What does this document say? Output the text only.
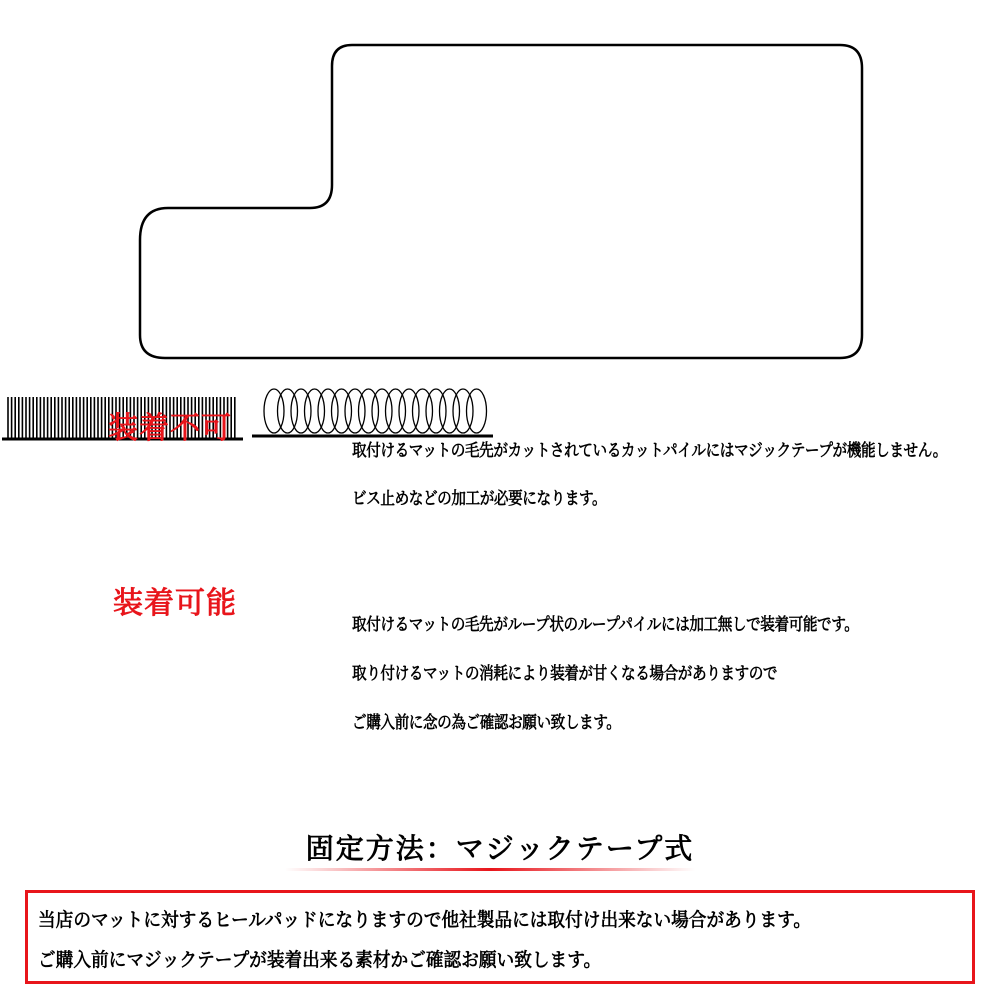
装着不可

取付けるマットの毛先がカットされているカットパイルにはマジックテープが機能しません。
ビス止めなどの加工が必要になります。
装着可能
取付けるマットの毛先がループ状のループパイルには加工無しで装着可能です。
取り付けるマットの消耗により装着が甘くなる場合がありますので
ご購入前に念の為ご確認お願い致します。
固定方法：マジックテープ式
当店のマットに対するヒールパッドになりますので他社製品には取付け出来ない場合があります。
ご購入前にマジックテープが装着出来る素材かご確認お願い致します。
